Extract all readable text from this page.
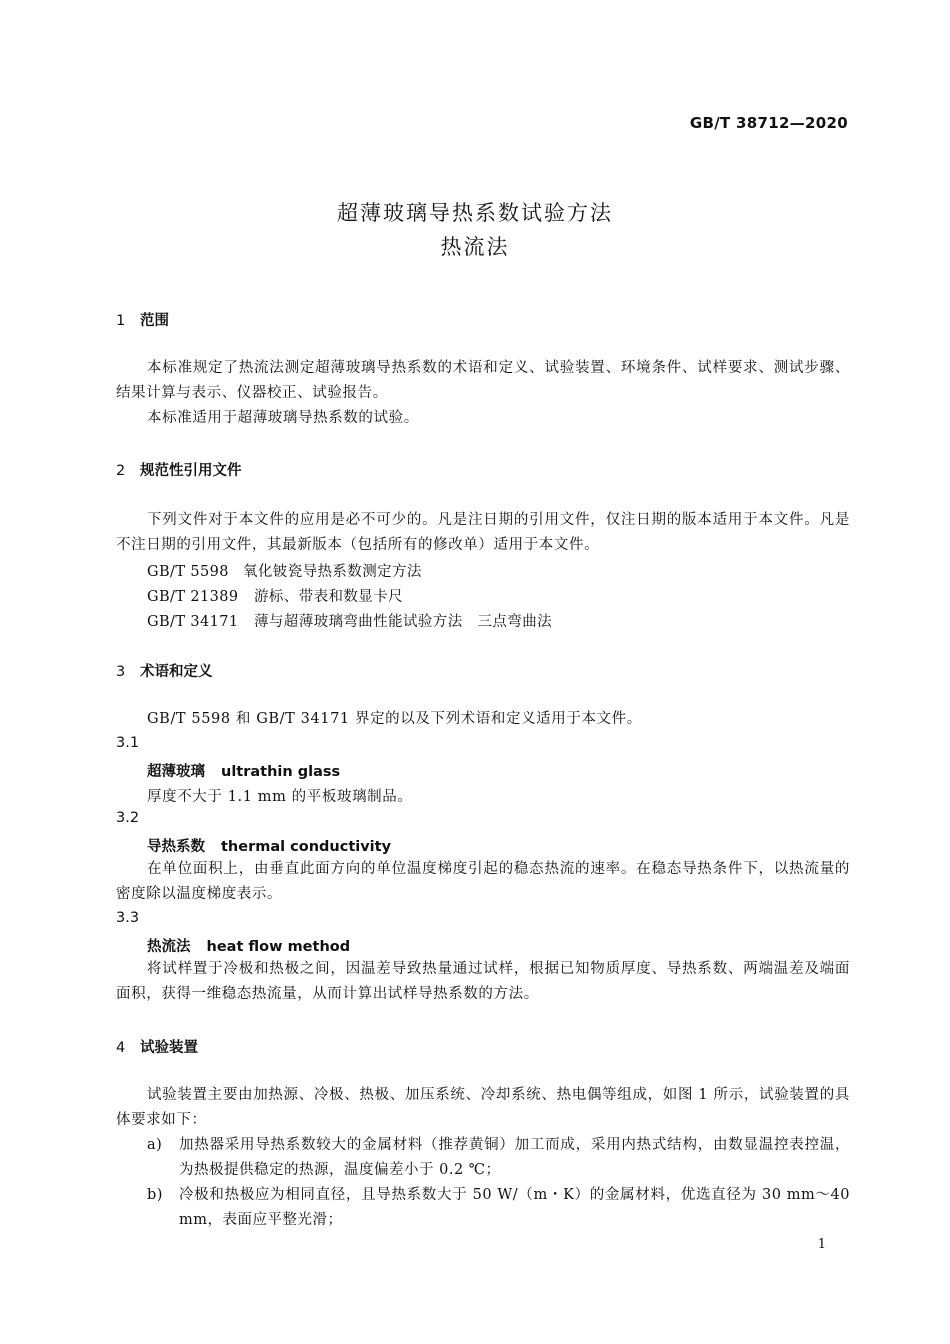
GB/T 38712—2020
超薄玻璃导热系数试验方法
热流法
1 范围
本标准规定了热流法测定超薄玻璃导热系数的术语和定义、试验装置、环境条件、试样要求、测试步骤、结果计算与表示、仪器校正、试验报告。
本标准适用于超薄玻璃导热系数的试验。
2 规范性引用文件
下列文件对于本文件的应用是必不可少的。凡是注日期的引用文件，仅注日期的版本适用于本文件。凡是不注日期的引用文件，其最新版本（包括所有的修改单）适用于本文件。
GB/T 5598 氧化铍瓷导热系数测定方法
GB/T 21389 游标、带表和数显卡尺
GB/T 34171 薄与超薄玻璃弯曲性能试验方法　三点弯曲法
3 术语和定义
GB/T 5598 和 GB/T 34171 界定的以及下列术语和定义适用于本文件。
3.1
超薄玻璃 ultrathin glass
厚度不大于 1.1 mm 的平板玻璃制品。
3.2
导热系数 thermal conductivity
在单位面积上，由垂直此面方向的单位温度梯度引起的稳态热流的速率。在稳态导热条件下，以热流量的密度除以温度梯度表示。
3.3
热流法 heat flow method
将试样置于冷极和热极之间，因温差导致热量通过试样，根据已知物质厚度、导热系数、两端温差及端面面积，获得一维稳态热流量，从而计算出试样导热系数的方法。
4 试验装置
试验装置主要由加热源、冷极、热极、加压系统、冷却系统、热电偶等组成，如图 1 所示，试验装置的具体要求如下：
a) 加热器采用导热系数较大的金属材料（推荐黄铜）加工而成，采用内热式结构，由数显温控表控温，为热极提供稳定的热源，温度偏差小于 0.2 ℃；
b) 冷极和热极应为相同直径，且导热系数大于 50 W/（m・K）的金属材料，优选直径为 30 mm～40 mm，表面应平整光滑；
1
